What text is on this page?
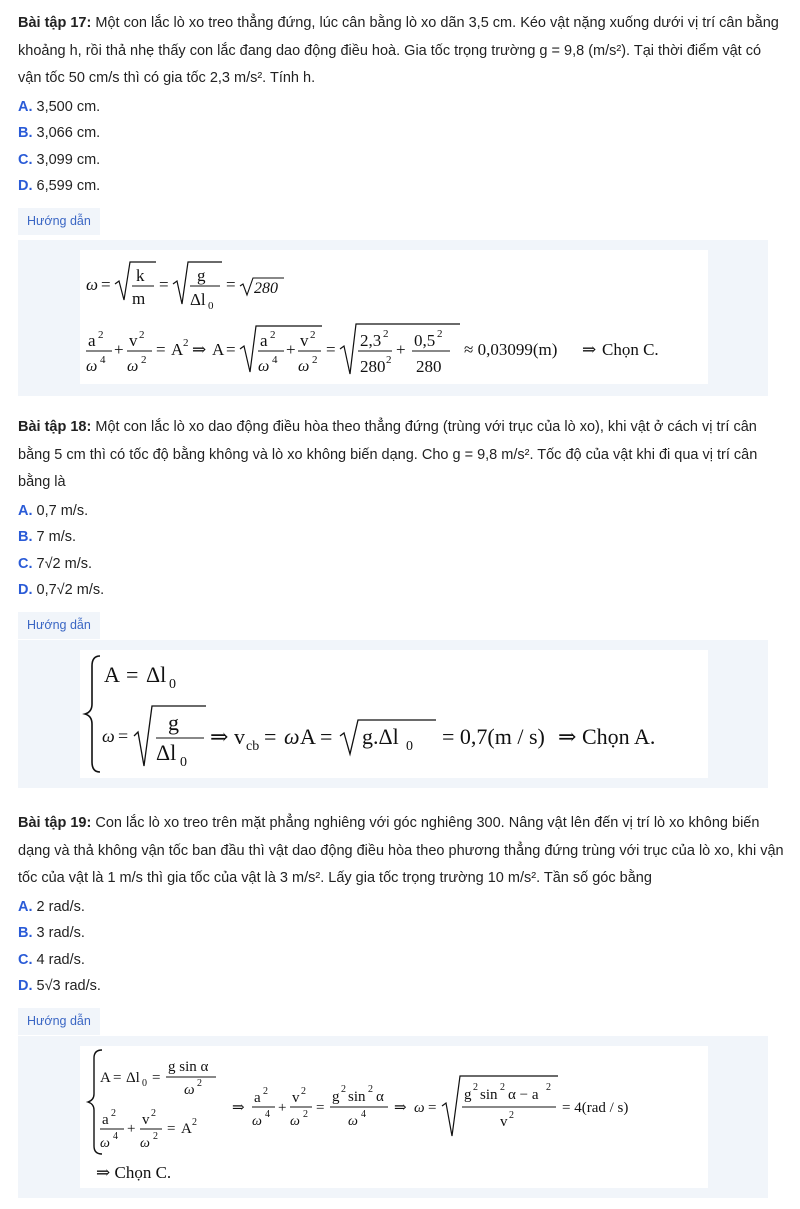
Bài tập 17: Một con lắc lò xo treo thẳng đứng, lúc cân bằng lò xo dãn 3,5 cm. Kéo vật nặng xuống dưới vị trí cân bằng khoảng h, rồi thả nhẹ thấy con lắc đang dao động điều hoà. Gia tốc trọng trường g = 9,8 (m/s²). Tại thời điểm vật có vận tốc 50 cm/s thì có gia tốc 2,3 m/s². Tính h.
A. 3,500 cm.
B. 3,066 cm.
C. 3,099 cm.
D. 6,599 cm.
Hướng dẫn
ω = k
m
= g
Δl 0
= 280
a 2
ω 4
+ v 2
ω 2
= A 2 ⇒ A = a 2
ω 4
+ v 2
ω 2
= 2,3 2
280 2
+ 0,5 2
280
≈ 0,03099(m) ⇒ Chọn C.
Bài tập 18: Một con lắc lò xo dao động điều hòa theo thẳng đứng (trùng với trục của lò xo), khi vật ở cách vị trí cân bằng 5 cm thì có tốc độ bằng không và lò xo không biến dạng. Cho g = 9,8 m/s². Tốc độ của vật khi đi qua vị trí cân bằng là
A. 0,7 m/s.
B. 7 m/s.
C. 7√2 m/s.
D. 0,7√2 m/s.
Hướng dẫn
A = Δl 0
ω =
g
Δl 0
⇒ v cb = ω A = g.Δl 0 = 0,7(m / s) ⇒ Chọn A.
Bài tập 19: Con lắc lò xo treo trên mặt phẳng nghiêng với góc nghiêng 300. Nâng vật lên đến vị trí lò xo không biến dạng và thả không vận tốc ban đầu thì vật dao động điều hòa theo phương thẳng đứng trùng với trục của lò xo, khi vận tốc của vật là 1 m/s thì gia tốc của vật là 3 m/s². Lấy gia tốc trọng trường 10 m/s². Tần số góc bằng
A. 2 rad/s.
B. 3 rad/s.
C. 4 rad/s.
D. 5√3 rad/s.
Hướng dẫn
A = Δl 0 =
g sin α
ω 2
a 2
ω 4 +
v 2
ω 2 = A 2
⇒
a 2
ω 4 +
v 2
ω 2 =
g 2 sin 2 α
ω 4 ⇒ ω =
g 2 sin 2 α − a 2
v 2	= 4(rad / s)
⇒ Chọn C.
